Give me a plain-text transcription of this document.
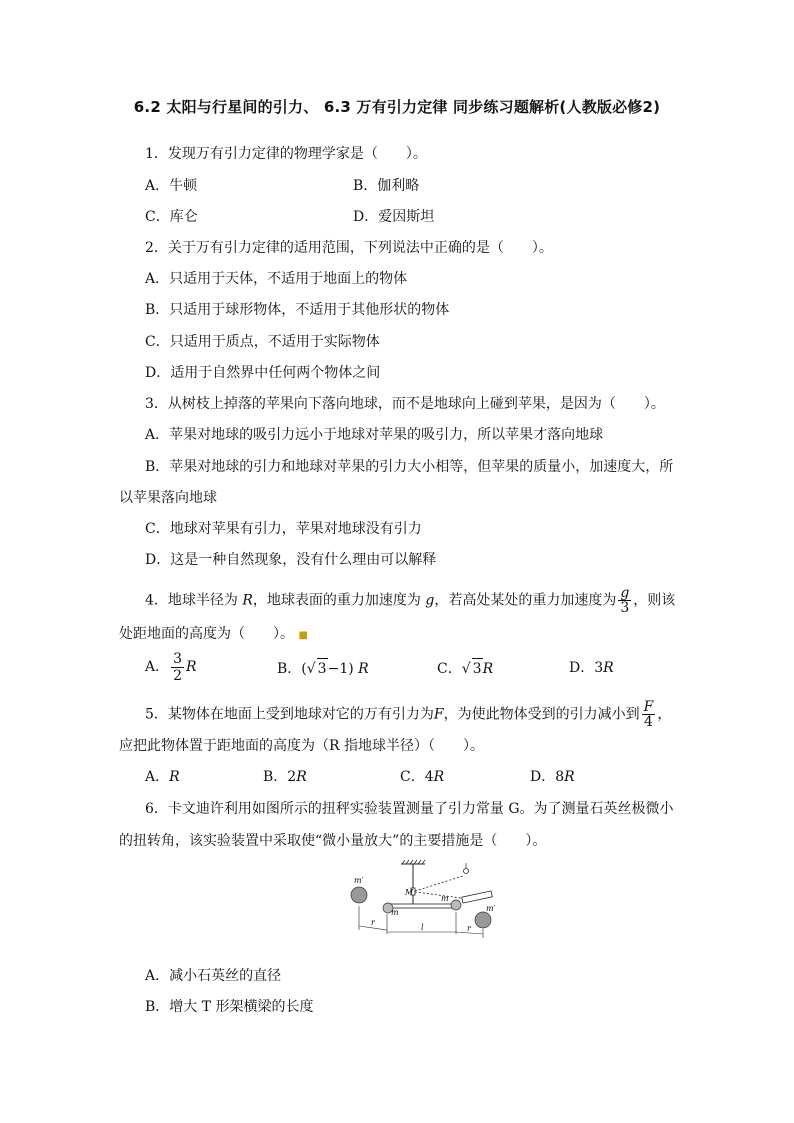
6.2 太阳与行星间的引力、 6.3 万有引力定律 同步练习题解析(人教版必修2)
1．发现万有引力定律的物理学家是（　　）。
A．牛顿	B．伽利略
C．库仑	D．爱因斯坦
2．关于万有引力定律的适用范围，下列说法中正确的是（　　）。
A．只适用于天体，不适用于地面上的物体
B．只适用于球形物体，不适用于其他形状的物体
C．只适用于质点，不适用于实际物体
D．适用于自然界中任何两个物体之间
3．从树枝上掉落的苹果向下落向地球，而不是地球向上碰到苹果，是因为（　　）。
A．苹果对地球的吸引力远小于地球对苹果的吸引力，所以苹果才落向地球
B．苹果对地球的引力和地球对苹果的引力大小相等，但苹果的质量小，加速度大，所
以苹果落向地球
C．地球对苹果有引力，苹果对地球没有引力
D．这是一种自然现象，没有什么理由可以解释
4．地球半径为 R，地球表面的重力加速度为 g，若高处某处的重力加速度为 $\frac{g}{3}$ ，则该
处距地面的高度为（　　）。 ■
A． $\frac{3}{2}$ R	B．(√ 3−1) R	C．√ 3R	D．3R
5．某物体在地面上受到地球对它的万有引力为F，为使此物体受到的引力减小到 $\frac{F}{4}$ ，
应把此物体置于距地面的高度为（R 指地球半径）（　　）。
A．R	B．2R	C．4R	D．8R
6．卡文迪许利用如图所示的扭秤实验装置测量了引力常量 G。为了测量石英丝极微小
的扭转角，该实验装置中采取使“微小量放大”的主要措施是（　　）。
m′
m
M
m
m′
r
l	r
A．减小石英丝的直径
B．增大 T 形架横梁的长度
